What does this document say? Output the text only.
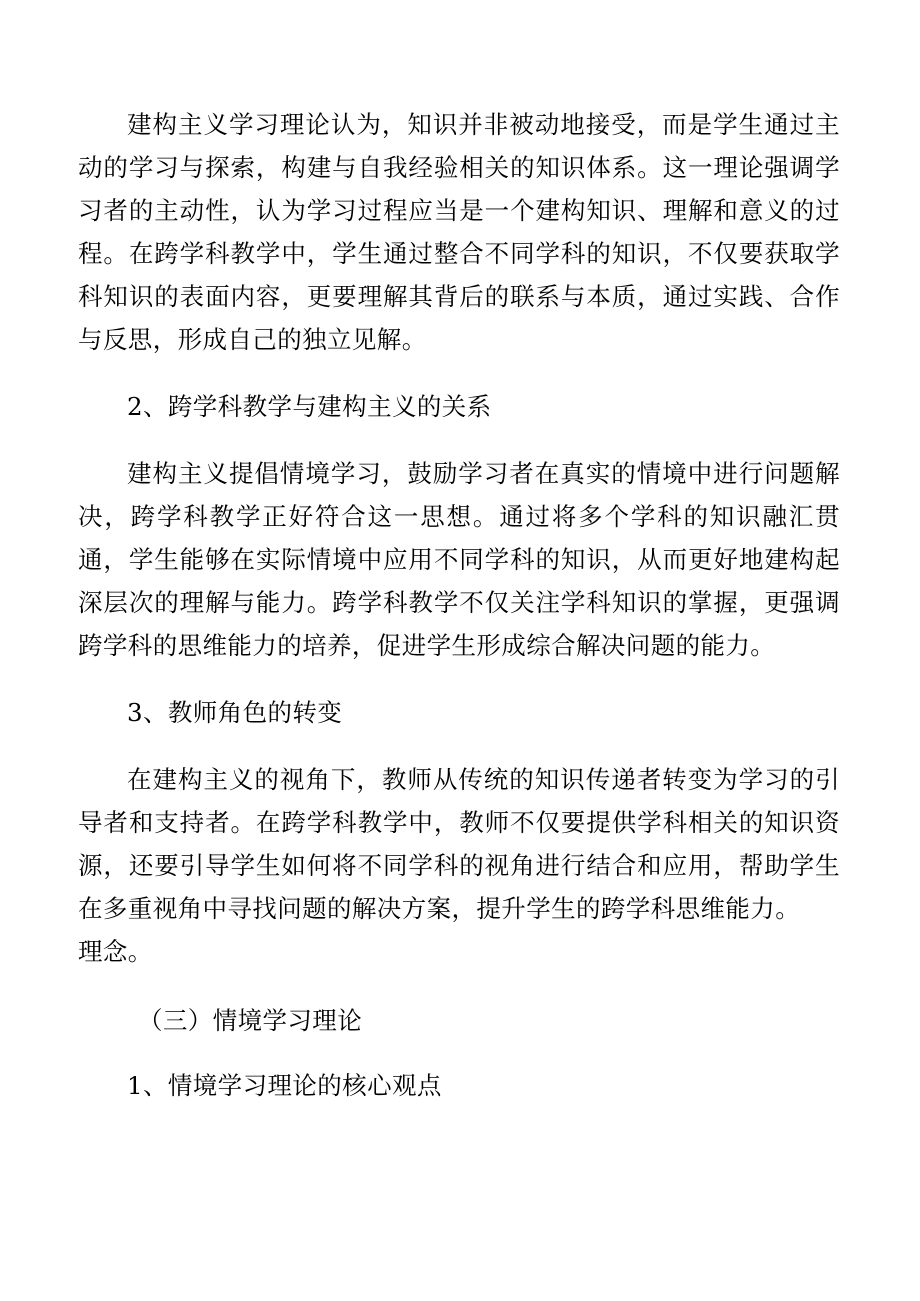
建构主义学习理论认为，知识并非被动地接受，而是学生通过主动的学习与探索，构建与自我经验相关的知识体系。这一理论强调学习者的主动性，认为学习过程应当是一个建构知识、理解和意义的过程。在跨学科教学中，学生通过整合不同学科的知识，不仅要获取学科知识的表面内容，更要理解其背后的联系与本质，通过实践、合作与反思，形成自己的独立见解。

2、跨学科教学与建构主义的关系

建构主义提倡情境学习，鼓励学习者在真实的情境中进行问题解决，跨学科教学正好符合这一思想。通过将多个学科的知识融汇贯通，学生能够在实际情境中应用不同学科的知识，从而更好地建构起深层次的理解与能力。跨学科教学不仅关注学科知识的掌握，更强调跨学科的思维能力的培养，促进学生形成综合解决问题的能力。

3、教师角色的转变

在建构主义的视角下，教师从传统的知识传递者转变为学习的引导者和支持者。在跨学科教学中，教师不仅要提供学科相关的知识资源，还要引导学生如何将不同学科的视角进行结合和应用，帮助学生在多重视角中寻找问题的解决方案，提升学生的跨学科思维能力。

理念。

（三）情境学习理论

1、情境学习理论的核心观点
